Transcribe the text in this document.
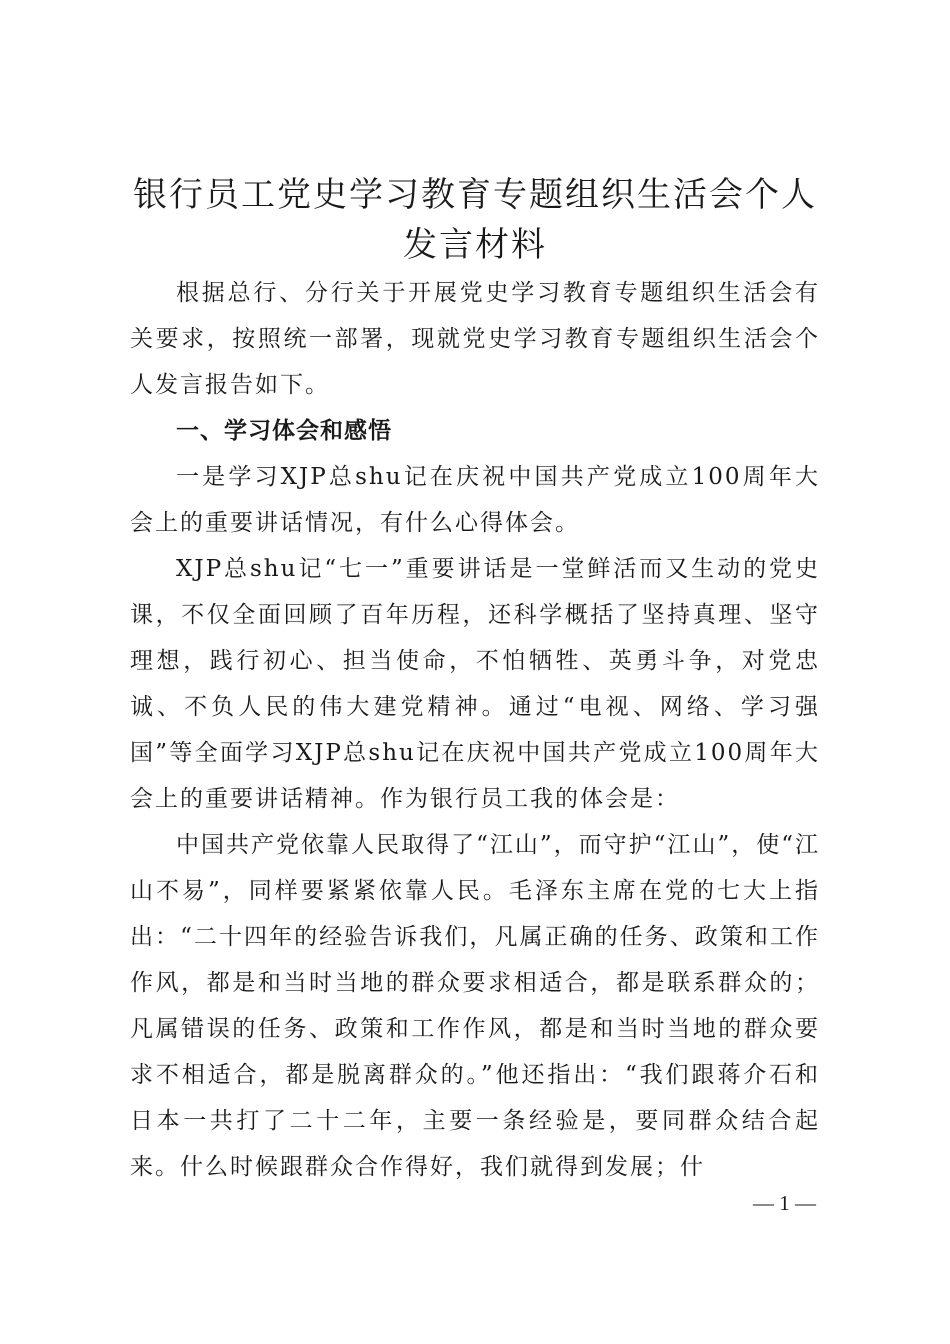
银行员工党史学习教育专题组织生活会个人发言材料

根据总行、分行关于开展党史学习教育专题组织生活会有关要求，按照统一部署，现就党史学习教育专题组织生活会个人发言报告如下。

一、学习体会和感悟

一是学习XJP总shu记在庆祝中国共产党成立100周年大会上的重要讲话情况，有什么心得体会。

XJP总shu记“七一”重要讲话是一堂鲜活而又生动的党史课，不仅全面回顾了百年历程，还科学概括了坚持真理、坚守理想，践行初心、担当使命，不怕牺牲、英勇斗争，对党忠诚、不负人民的伟大建党精神。通过“电视、网络、学习强国”等全面学习XJP总shu记在庆祝中国共产党成立100周年大会上的重要讲话精神。作为银行员工我的体会是：

中国共产党依靠人民取得了“江山”，而守护“江山”，使“江山不易”，同样要紧紧依靠人民。毛泽东主席在党的七大上指出：“二十四年的经验告诉我们，凡属正确的任务、政策和工作作风，都是和当时当地的群众要求相适合，都是联系群众的；凡属错误的任务、政策和工作作风，都是和当时当地的群众要求不相适合，都是脱离群众的。”他还指出：“我们跟蒋介石和日本一共打了二十二年，主要一条经验是，要同群众结合起来。什么时候跟群众合作得好，我们就得到发展；什

— 1 —
